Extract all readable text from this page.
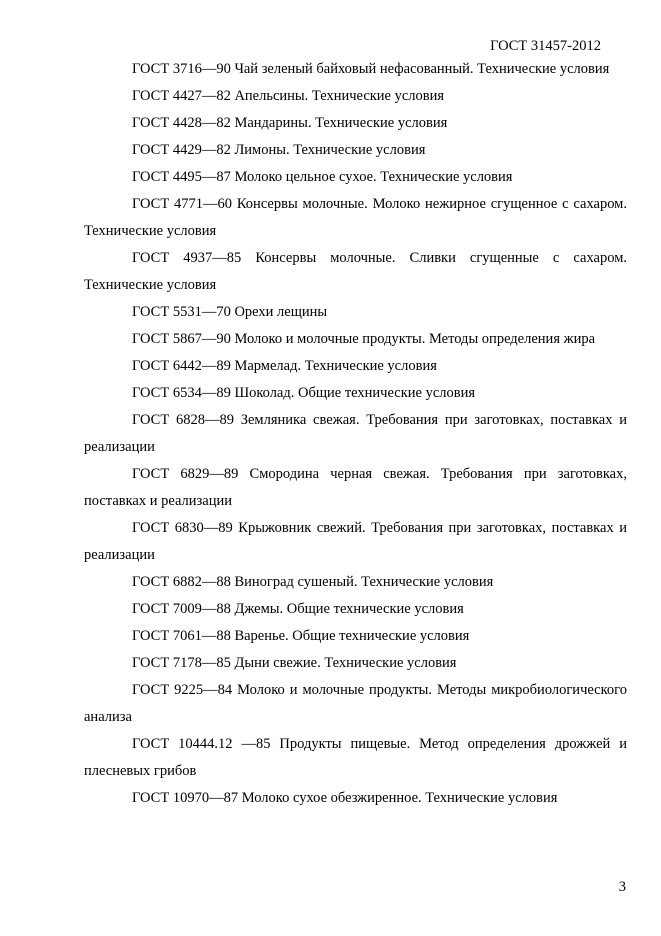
ГОСТ 31457-2012

ГОСТ 3716—90 Чай зеленый байховый нефасованный. Технические условия

ГОСТ 4427—82 Апельсины. Технические условия

ГОСТ 4428—82 Мандарины. Технические условия

ГОСТ 4429—82 Лимоны. Технические условия

ГОСТ 4495—87 Молоко цельное сухое. Технические условия

ГОСТ 4771—60 Консервы молочные. Молоко нежирное сгущенное с сахаром. Технические условия

ГОСТ 4937—85 Консервы молочные. Сливки сгущенные с сахаром. Технические условия

ГОСТ 5531—70 Орехи лещины

ГОСТ 5867—90 Молоко и молочные продукты. Методы определения жира

ГОСТ 6442—89 Мармелад. Технические условия

ГОСТ 6534—89 Шоколад. Общие технические условия

ГОСТ 6828—89 Земляника свежая. Требования при заготовках, поставках и реализации

ГОСТ 6829—89 Смородина черная свежая. Требования при заготовках, поставках и реализации

ГОСТ 6830—89 Крыжовник свежий. Требования при заготовках, поставках и реализации

ГОСТ 6882—88 Виноград сушеный. Технические условия

ГОСТ 7009—88 Джемы. Общие технические условия

ГОСТ 7061—88 Варенье. Общие технические условия

ГОСТ 7178—85 Дыни свежие. Технические условия

ГОСТ 9225—84 Молоко и молочные продукты. Методы микробиологического анализа

ГОСТ 10444.12 —85 Продукты пищевые. Метод определения дрожжей и плесневых грибов

ГОСТ 10970—87 Молоко сухое обезжиренное. Технические условия

3
